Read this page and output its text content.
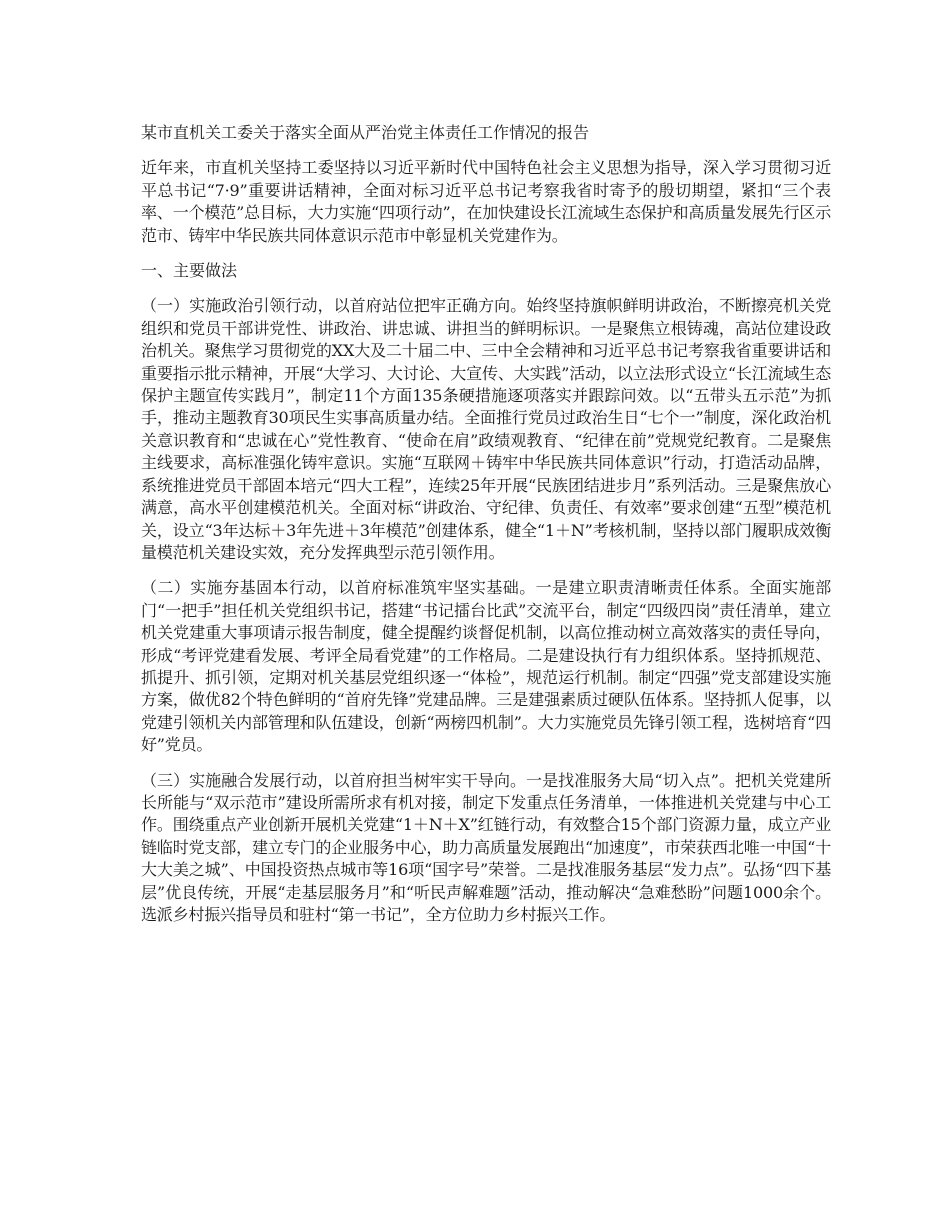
某市直机关工委关于落实全面从严治党主体责任工作情况的报告

近年来，市直机关坚持工委坚持以习近平新时代中国特色社会主义思想为指导，深入学习贯彻习近平总书记“7·9”重要讲话精神，全面对标习近平总书记考察我省时寄予的殷切期望，紧扣“三个表率、一个模范”总目标，大力实施“四项行动”，在加快建设长江流域生态保护和高质量发展先行区示范市、铸牢中华民族共同体意识示范市中彰显机关党建作为。

一、主要做法

（一）实施政治引领行动，以首府站位把牢正确方向。始终坚持旗帜鲜明讲政治，不断擦亮机关党组织和党员干部讲党性、讲政治、讲忠诚、讲担当的鲜明标识。一是聚焦立根铸魂，高站位建设政治机关。聚焦学习贯彻党的XX大及二十届二中、三中全会精神和习近平总书记考察我省重要讲话和重要指示批示精神，开展“大学习、大讨论、大宣传、大实践”活动，以立法形式设立“长江流域生态保护主题宣传实践月”，制定11个方面135条硬措施逐项落实并跟踪问效。以“五带头五示范”为抓手，推动主题教育30项民生实事高质量办结。全面推行党员过政治生日“七个一”制度，深化政治机关意识教育和“忠诚在心”党性教育、“使命在肩”政绩观教育、“纪律在前”党规党纪教育。二是聚焦主线要求，高标准强化铸牢意识。实施“互联网＋铸牢中华民族共同体意识”行动，打造活动品牌，系统推进党员干部固本培元“四大工程”，连续25年开展“民族团结进步月”系列活动。三是聚焦放心满意，高水平创建模范机关。全面对标“讲政治、守纪律、负责任、有效率”要求创建“五型”模范机关，设立“3年达标＋3年先进＋3年模范”创建体系，健全“1＋N”考核机制，坚持以部门履职成效衡量模范机关建设实效，充分发挥典型示范引领作用。

（二）实施夯基固本行动，以首府标准筑牢坚实基础。一是建立职责清晰责任体系。全面实施部门“一把手”担任机关党组织书记，搭建“书记擂台比武”交流平台，制定“四级四岗”责任清单，建立机关党建重大事项请示报告制度，健全提醒约谈督促机制，以高位推动树立高效落实的责任导向，形成“考评党建看发展、考评全局看党建”的工作格局。二是建设执行有力组织体系。坚持抓规范、抓提升、抓引领，定期对机关基层党组织逐一“体检”，规范运行机制。制定“四强”党支部建设实施方案，做优82个特色鲜明的“首府先锋”党建品牌。三是建强素质过硬队伍体系。坚持抓人促事，以党建引领机关内部管理和队伍建设，创新“两榜四机制”。大力实施党员先锋引领工程，选树培育“四好”党员。

（三）实施融合发展行动，以首府担当树牢实干导向。一是找准服务大局“切入点”。把机关党建所长所能与“双示范市”建设所需所求有机对接，制定下发重点任务清单，一体推进机关党建与中心工作。围绕重点产业创新开展机关党建“1＋N＋X”红链行动，有效整合15个部门资源力量，成立产业链临时党支部，建立专门的企业服务中心，助力高质量发展跑出“加速度”，市荣获西北唯一中国“十大大美之城”、中国投资热点城市等16项“国字号”荣誉。二是找准服务基层“发力点”。弘扬“四下基层”优良传统，开展“走基层服务月”和“听民声解难题”活动，推动解决“急难愁盼”问题1000余个。选派乡村振兴指导员和驻村“第一书记”，全方位助力乡村振兴工作。
